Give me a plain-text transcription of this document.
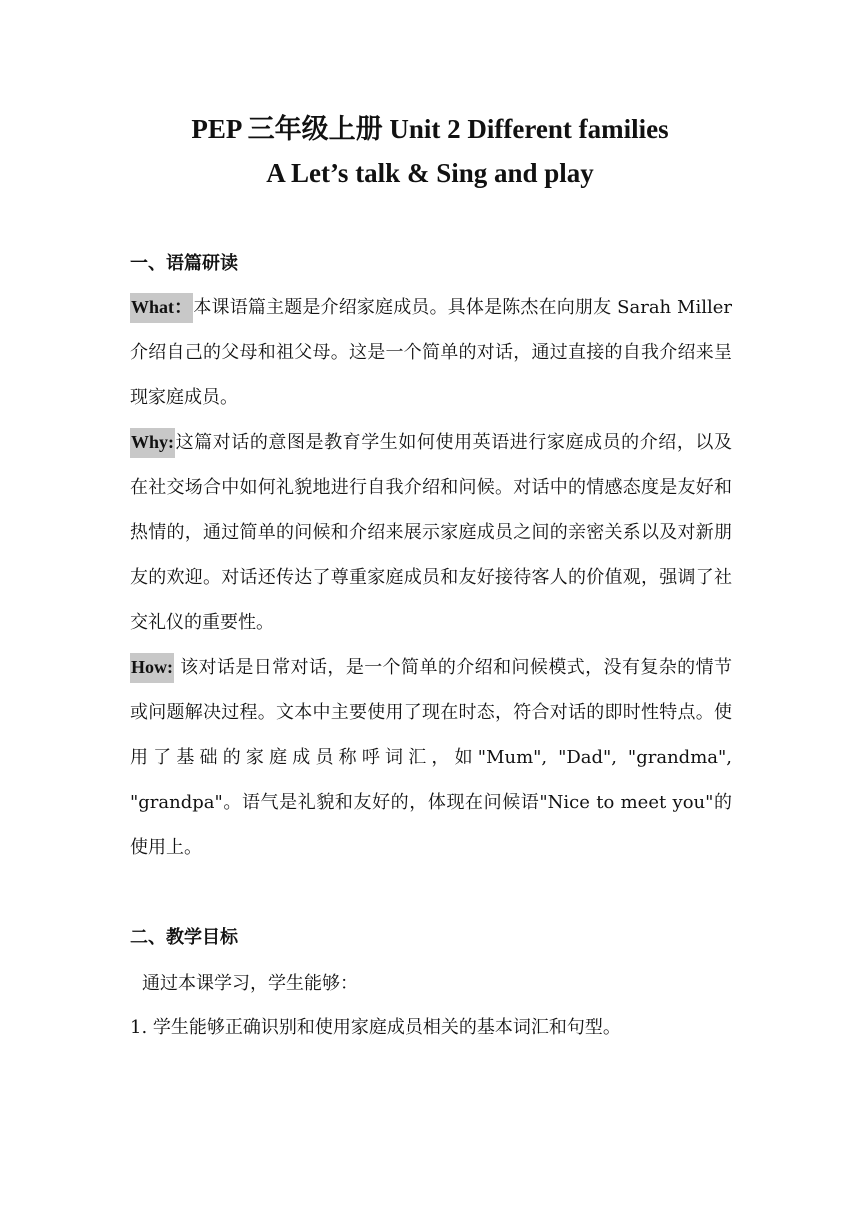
PEP 三年级上册 Unit 2 Different families
A Let’s talk & Sing and play
一、语篇研读

What：本课语篇主题是介绍家庭成员。具体是陈杰在向朋友 Sarah Miller 介绍自己的父母和祖父母。这是一个简单的对话，通过直接的自我介绍来呈现家庭成员。

Why:这篇对话的意图是教育学生如何使用英语进行家庭成员的介绍，以及在社交场合中如何礼貌地进行自我介绍和问候。对话中的情感态度是友好和热情的，通过简单的问候和介绍来展示家庭成员之间的亲密关系以及对新朋友的欢迎。对话还传达了尊重家庭成员和友好接待客人的价值观，强调了社交礼仪的重要性。

How: 该对话是日常对话，是一个简单的介绍和问候模式，没有复杂的情节或问题解决过程。文本中主要使用了现在时态，符合对话的即时性特点。使用了基础的家庭成员称呼词汇，如"Mum", "Dad", "grandma", "grandpa"。语气是礼貌和友好的，体现在问候语"Nice to meet you"的使用上。

二、教学目标
通过本课学习，学生能够：
1. 学生能够正确识别和使用家庭成员相关的基本词汇和句型。
